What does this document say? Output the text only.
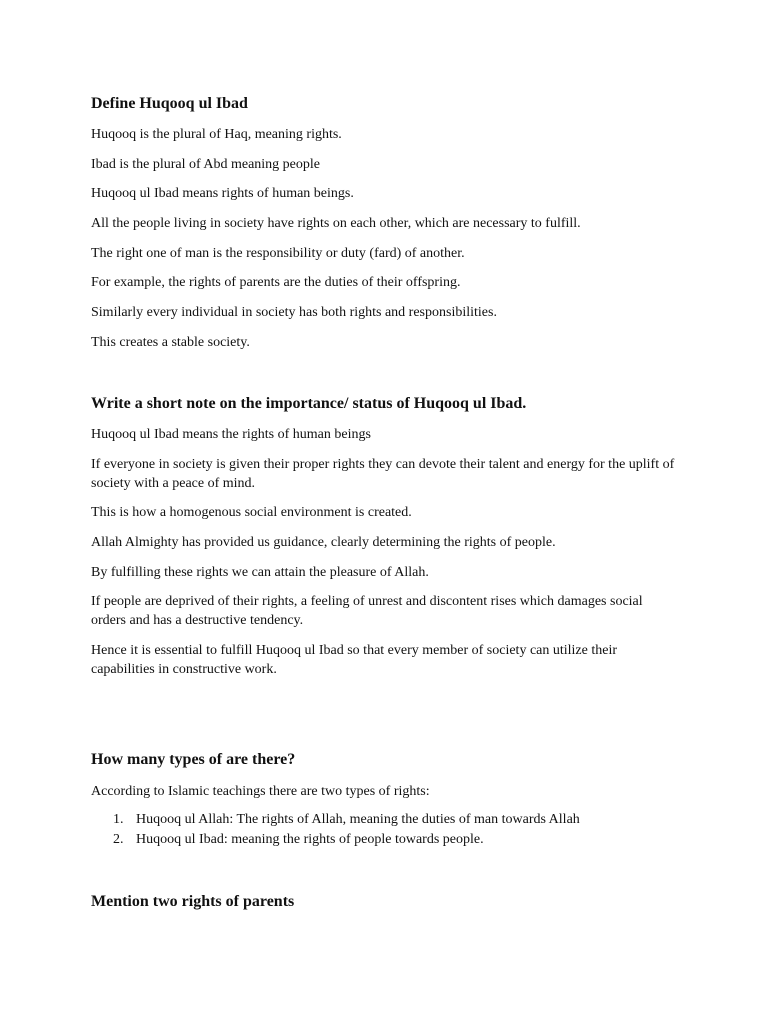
Define Huqooq ul Ibad

Huqooq is the plural of Haq, meaning rights.

Ibad is the plural of Abd meaning people

Huqooq ul Ibad means rights of human beings.

All the people living in society have rights on each other, which are necessary to fulfill.

The right one of man is the responsibility or duty (fard) of another.

For example, the rights of parents are the duties of their offspring.

Similarly every individual in society has both rights and responsibilities.

This creates a stable society.

Write a short note on the importance/ status of Huqooq ul Ibad.

Huqooq ul Ibad means the rights of human beings

If everyone in society is given their proper rights they can devote their talent and energy for the uplift of society with a peace of mind.

This is how a homogenous social environment is created.

Allah Almighty has provided us guidance, clearly determining the rights of people.

By fulfilling these rights we can attain the pleasure of Allah.

If people are deprived of their rights, a feeling of unrest and discontent rises which damages social orders and has a destructive tendency.

Hence it is essential to fulfill Huqooq ul Ibad so that every member of society can utilize their capabilities in constructive work.

How many types of are there?

According to Islamic teachings there are two types of rights:

1. Huqooq ul Allah: The rights of Allah, meaning the duties of man towards Allah
2. Huqooq ul Ibad: meaning the rights of people towards people.
Mention two rights of parents
